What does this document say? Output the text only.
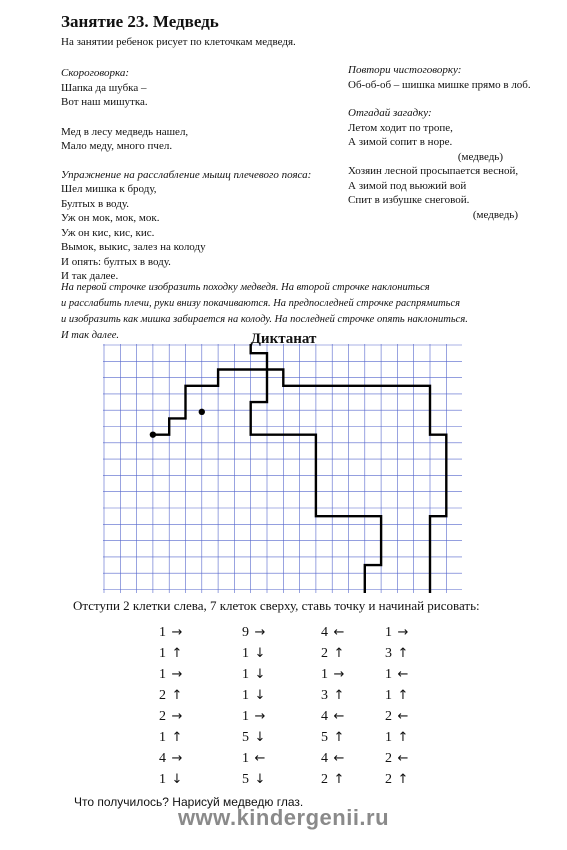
Занятие 23. Медведь
На занятии ребенок рисует по клеточкам медведя.
Скороговорка:
Шапка да шубка –
Вот наш мишутка.
Мед в лесу медведь нашел,
Мало меду, много пчел.
Упражнение на расслабление мышц плечевого пояса:
Шел мишка к броду,
Бултых в воду.
Уж он мок, мок, мок.
Уж он кис, кис, кис.
Вымок, выкис, залез на колоду
И опять: бултых в воду.
И так далее.
Повтори чистоговорку:
Об-об-об – шишка мишке прямо в лоб.
Отгадай загадку:
Летом ходит по тропе,
А зимой сопит в норе.
(медведь)
Хозяин лесной просыпается весной,
А зимой под вьюжий вой
Спит в избушке снеговой.
(медведь)
На первой строчке изобразить походку медведя. На второй строчке наклониться
и расслабить плечи, руки внизу покачиваются. На предпоследней строчке распрямиться
и изобразить как мишка забирается на колоду. На последней строчке опять наклониться.
И так далее.	Диктанат
Отступи 2 клетки слева, 7 клеток сверху, ставь точку и начинай рисовать:
1 →
1 ↑
1 →
2 ↑
2 →
1 ↑
4 →
1 ↓
9 →
1 ↓
1 ↓
1 ↓
1 →
5 ↓
1 ←
5 ↓
4 ←
2 ↑
1 →
3 ↑
4 ←
5 ↑
4 ←
2 ↑
1 →
3 ↑
1 ←
1 ↑
2 ←
1 ↑
2 ←
2 ↑
Что получилось? Нарисуй медведю глаз.
www.kindergenii.ru
